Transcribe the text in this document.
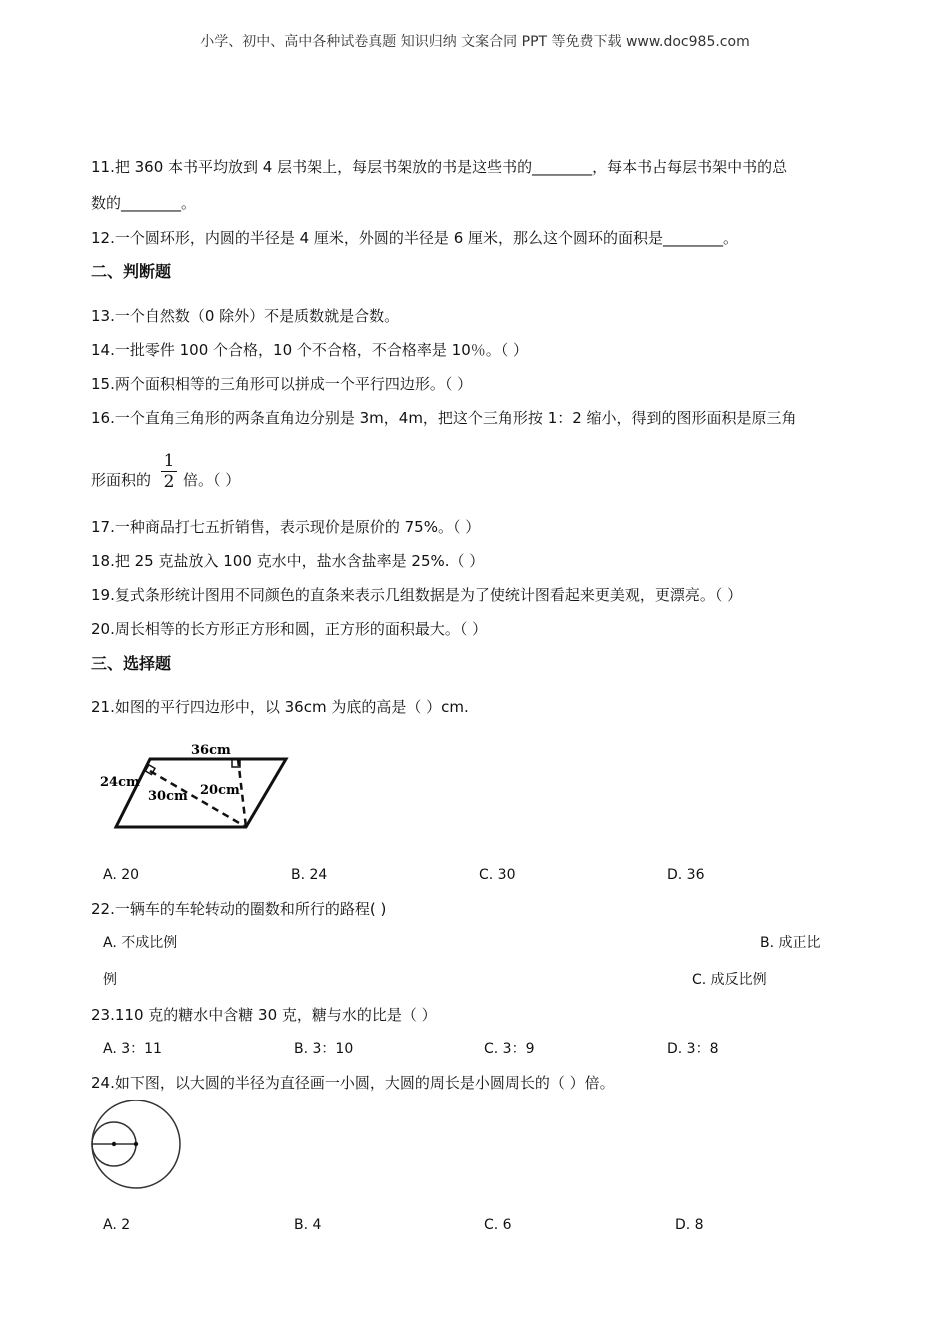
小学、初中、高中各种试卷真题 知识归纳 文案合同 PPT 等免费下载 www.doc985.com
11.把 360 本书平均放到 4 层书架上，每层书架放的书是这些书的________，每本书占每层书架中书的总
数的________。
12.一个圆环形，内圆的半径是 4 厘米，外圆的半径是 6 厘米，那么这个圆环的面积是________。
二、判断题
13.一个自然数（0 除外）不是质数就是合数。
14.一批零件 100 个合格，10 个不合格，不合格率是 10％。（ ）
15.两个面积相等的三角形可以拼成一个平行四边形。（ ）
16.一个直角三角形的两条直角边分别是 3m，4m，把这个三角形按 1：2 缩小，得到的图形面积是原三角
形面积的
1
2 倍。（ ）
17.一种商品打七五折销售，表示现价是原价的 75%。（ ）
18.把 25 克盐放入 100 克水中，盐水含盐率是 25%.（ ）
19.复式条形统计图用不同颜色的直条来表示几组数据是为了使统计图看起来更美观，更漂亮。（ ）
20.周长相等的长方形正方形和圆，正方形的面积最大。（ ）
三、选择题
21.如图的平行四边形中，以 36cm 为底的高是（ ）cm.
36cm
24cm
30cm 20cm
A. 20	B. 24	C. 30	D. 36
22.一辆车的车轮转动的圈数和所行的路程( )
A. 不成比例	B. 成正比
例	C. 成反比例
23.110 克的糖水中含糖 30 克，糖与水的比是（ ）
A. 3：11	B. 3：10	C. 3：9	D. 3：8
24.如下图，以大圆的半径为直径画一小圆，大圆的周长是小圆周长的（ ）倍。
A. 2	B. 4	C. 6	D. 8
